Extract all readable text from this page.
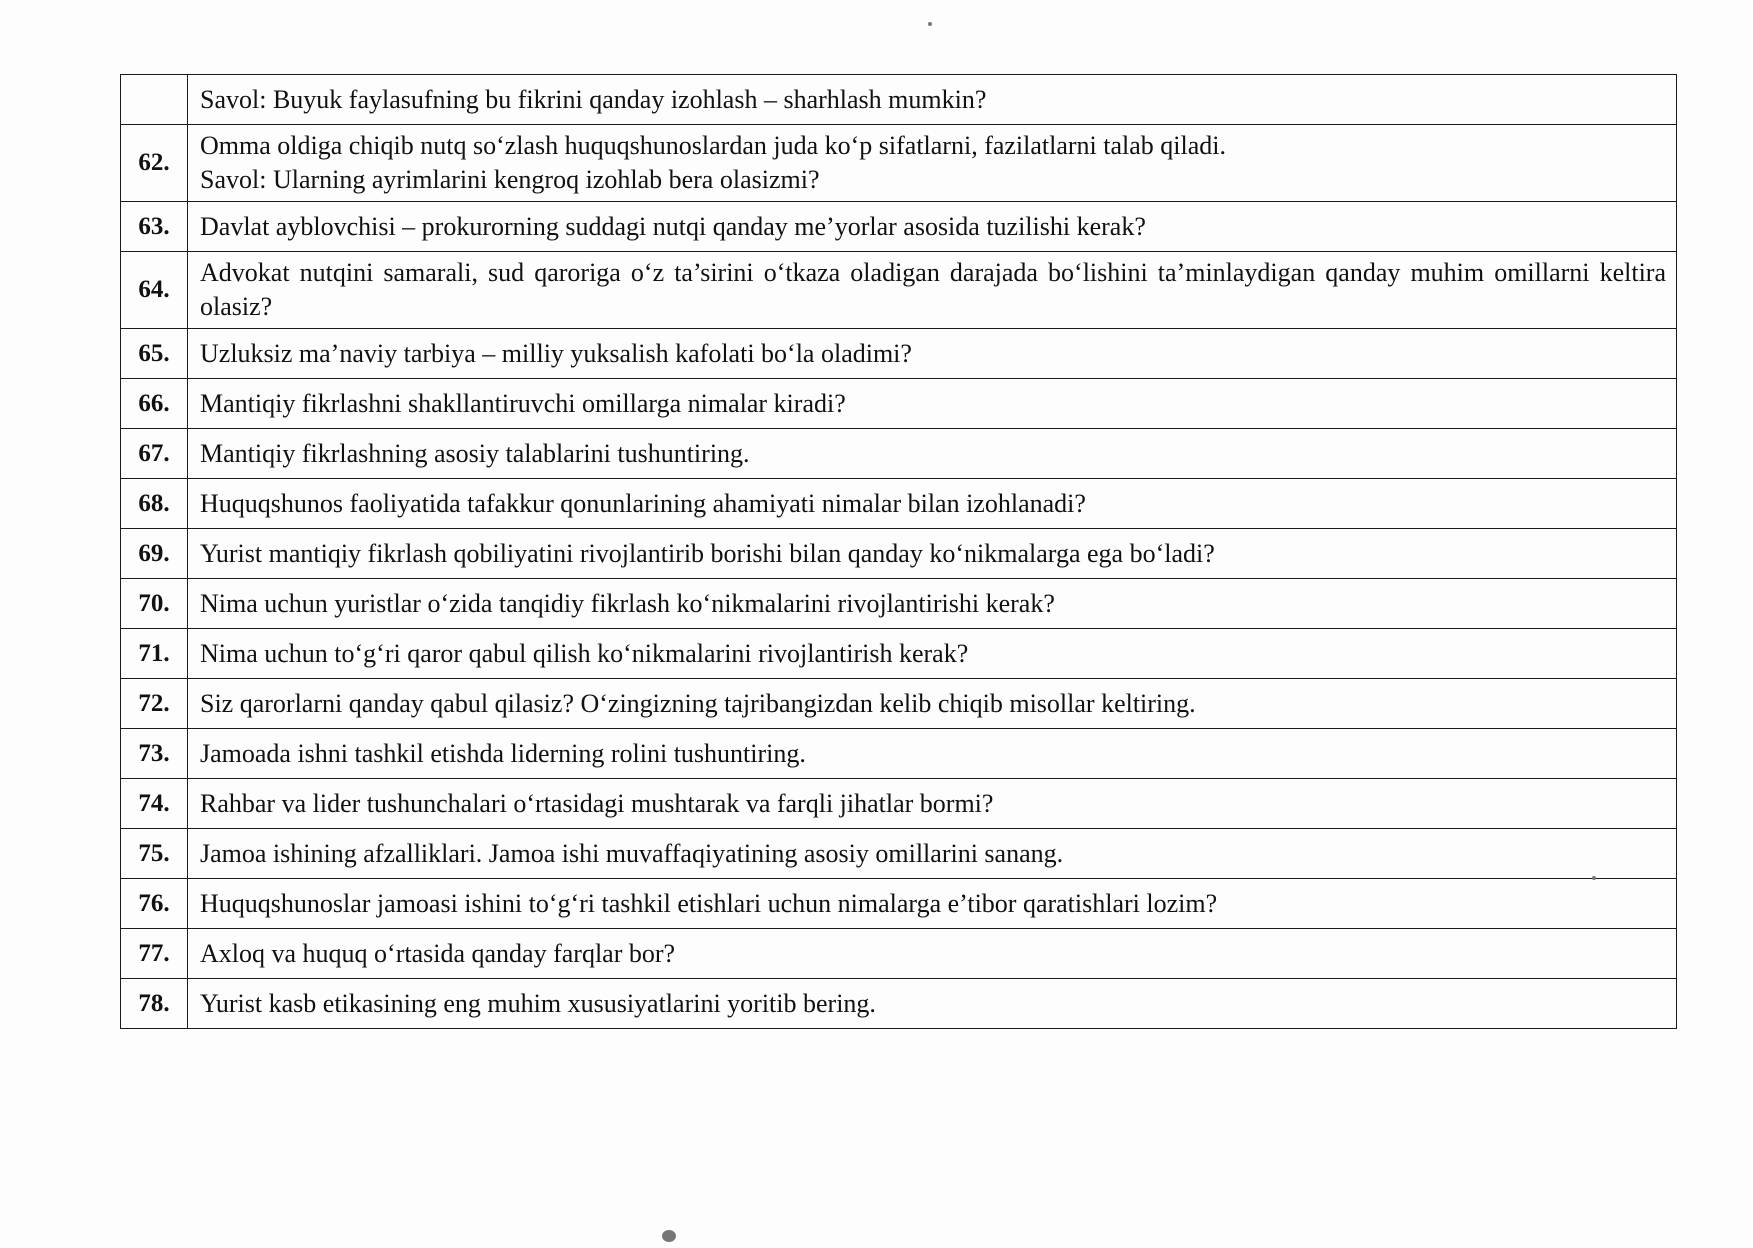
	Savol: Buyuk faylasufning bu fikrini qanday izohlash – sharhlash mumkin?

62.	Omma oldiga chiqib nutq so‘zlash huquqshunoslardan juda ko‘p sifatlarni, fazilatlarni talab qiladi.
Savol: Ularning ayrimlarini kengroq izohlab bera olasizmi?

63.	Davlat ayblovchisi – prokurorning suddagi nutqi qanday me’yorlar asosida tuzilishi kerak?

64.	Advokat nutqini samarali, sud qaroriga o‘z ta’sirini o‘tkaza oladigan darajada bo‘lishini ta’minlaydigan qanday muhim omillarni keltira olasiz?

65.	Uzluksiz ma’naviy tarbiya – milliy yuksalish kafolati bo‘la oladimi?

66.	Mantiqiy fikrlashni shakllantiruvchi omillarga nimalar kiradi?

67.	Mantiqiy fikrlashning asosiy talablarini tushuntiring.

68.	Huquqshunos faoliyatida tafakkur qonunlarining ahamiyati nimalar bilan izohlanadi?

69.	Yurist mantiqiy fikrlash qobiliyatini rivojlantirib borishi bilan qanday ko‘nikmalarga ega bo‘ladi?

70.	Nima uchun yuristlar o‘zida tanqidiy fikrlash ko‘nikmalarini rivojlantirishi kerak?

71.	Nima uchun to‘g‘ri qaror qabul qilish ko‘nikmalarini rivojlantirish kerak?

72.	Siz qarorlarni qanday qabul qilasiz? O‘zingizning tajribangizdan kelib chiqib misollar keltiring.

73.	Jamoada ishni tashkil etishda liderning rolini tushuntiring.

74.	Rahbar va lider tushunchalari o‘rtasidagi mushtarak va farqli jihatlar bormi?

75.	Jamoa ishining afzalliklari. Jamoa ishi muvaffaqiyatining asosiy omillarini sanang.

76.	Huquqshunoslar jamoasi ishini to‘g‘ri tashkil etishlari uchun nimalarga e’tibor qaratishlari lozim?

77.	Axloq va huquq o‘rtasida qanday farqlar bor?

78.	Yurist kasb etikasining eng muhim xususiyatlarini yoritib bering.
